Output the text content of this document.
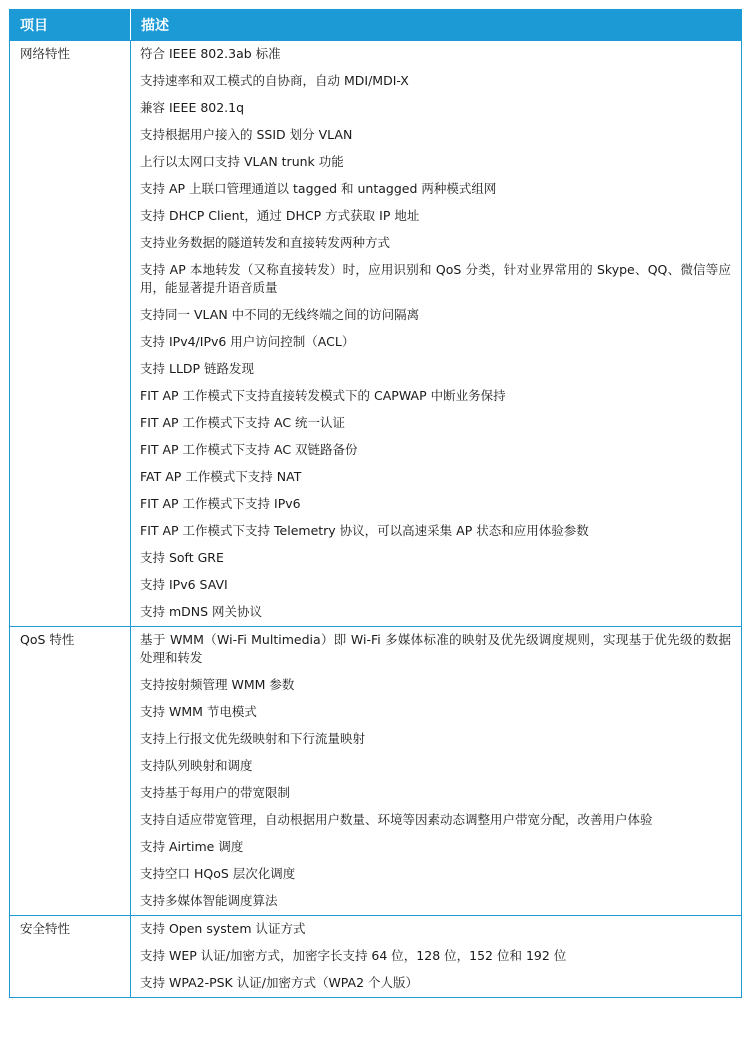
项目	描述
网络特性	符合 IEEE 802.3ab 标准
	支持速率和双工模式的自协商，自动 MDI/MDI-X
	兼容 IEEE 802.1q
	支持根据用户接入的 SSID 划分 VLAN
	上行以太网口支持 VLAN trunk 功能
	支持 AP 上联口管理通道以 tagged 和 untagged 两种模式组网
	支持 DHCP Client，通过 DHCP 方式获取 IP 地址
	支持业务数据的隧道转发和直接转发两种方式
	支持 AP 本地转发（又称直接转发）时，应用识别和 QoS 分类，针对业界常用的 Skype、QQ、微信等应用，能显著提升语音质量
	支持同一 VLAN 中不同的无线终端之间的访问隔离
	支持 IPv4/IPv6 用户访问控制（ACL）
	支持 LLDP 链路发现
	FIT AP 工作模式下支持直接转发模式下的 CAPWAP 中断业务保持
	FIT AP 工作模式下支持 AC 统一认证
	FIT AP 工作模式下支持 AC 双链路备份
	FAT AP 工作模式下支持 NAT
	FIT AP 工作模式下支持 IPv6
	FIT AP 工作模式下支持 Telemetry 协议，可以高速采集 AP 状态和应用体验参数
	支持 Soft GRE
	支持 IPv6 SAVI
	支持 mDNS 网关协议
QoS 特性	基于 WMM（Wi-Fi Multimedia）即 Wi-Fi 多媒体标准的映射及优先级调度规则，实现基于优先级的数据处理和转发
	支持按射频管理 WMM 参数
	支持 WMM 节电模式
	支持上行报文优先级映射和下行流量映射
	支持队列映射和调度
	支持基于每用户的带宽限制
	支持自适应带宽管理，自动根据用户数量、环境等因素动态调整用户带宽分配，改善用户体验
	支持 Airtime 调度
	支持空口 HQoS 层次化调度
	支持多媒体智能调度算法
安全特性	支持 Open system 认证方式
	支持 WEP 认证/加密方式，加密字长支持 64 位，128 位，152 位和 192 位
	支持 WPA2-PSK 认证/加密方式（WPA2 个人版）
